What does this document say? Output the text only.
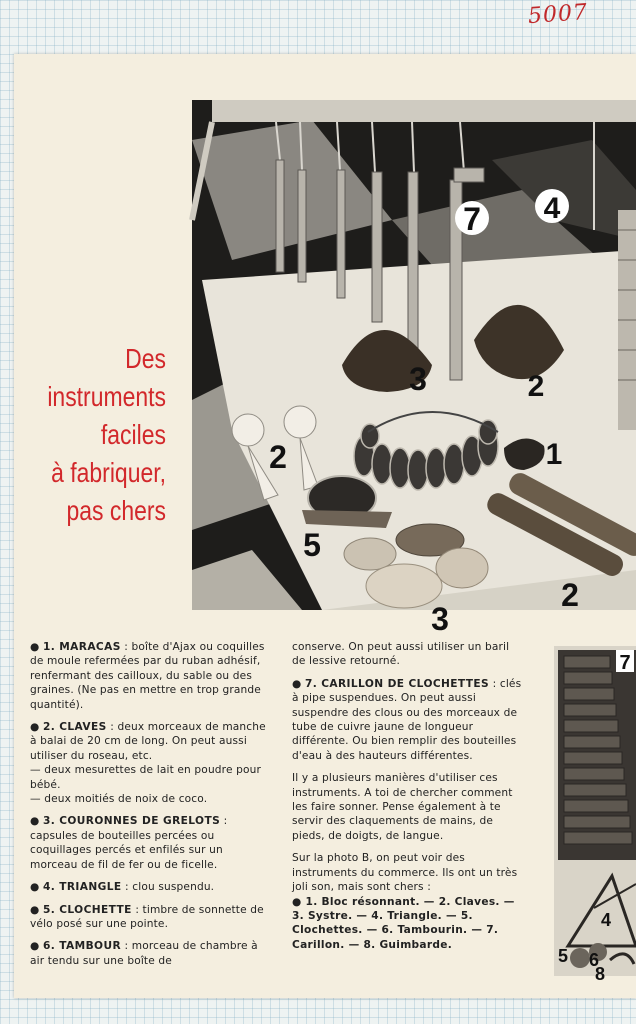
5007
7 4
2
3
1
2
5
3
2
Des
instruments
faciles
à fabriquer,
pas chers

● 1. MARACAS : boîte d'Ajax ou coquilles de moule refermées par du ruban adhésif, renfermant des cailloux, du sable ou des graines. (Ne pas en mettre en trop grande quantité).

● 2. CLAVES : deux morceaux de manche à balai de 20 cm de long. On peut aussi utiliser du roseau, etc.
— deux mesurettes de lait en poudre pour bébé.
— deux moitiés de noix de coco.

● 3. COURONNES DE GRELOTS : capsules de bouteilles percées ou coquillages percés et enfilés sur un morceau de fil de fer ou de ficelle.

● 4. TRIANGLE : clou suspendu.

● 5. CLOCHETTE : timbre de sonnette de vélo posé sur une pointe.

● 6. TAMBOUR : morceau de chambre à air tendu sur une boîte de

conserve. On peut aussi utiliser un baril de lessive retourné.

● 7. CARILLON DE CLOCHETTES : clés à pipe suspendues. On peut aussi suspendre des clous ou des morceaux de tube de cuivre jaune de longueur différente. Ou bien remplir des bouteilles d'eau à des hauteurs différentes.

Il y a plusieurs manières d'utiliser ces instruments. A toi de chercher comment les faire sonner. Pense également à te servir des claquements de mains, de pieds, de doigts, de langue.

Sur la photo B, on peut voir des instruments du commerce. Ils ont un très joli son, mais sont chers :

● 1. Bloc résonnant. — 2. Claves. — 3. Systre. — 4. Triangle. — 5. Clochettes. — 6. Tambourin. — 7. Carillon. — 8. Guimbarde.

7
4
5 6
8
